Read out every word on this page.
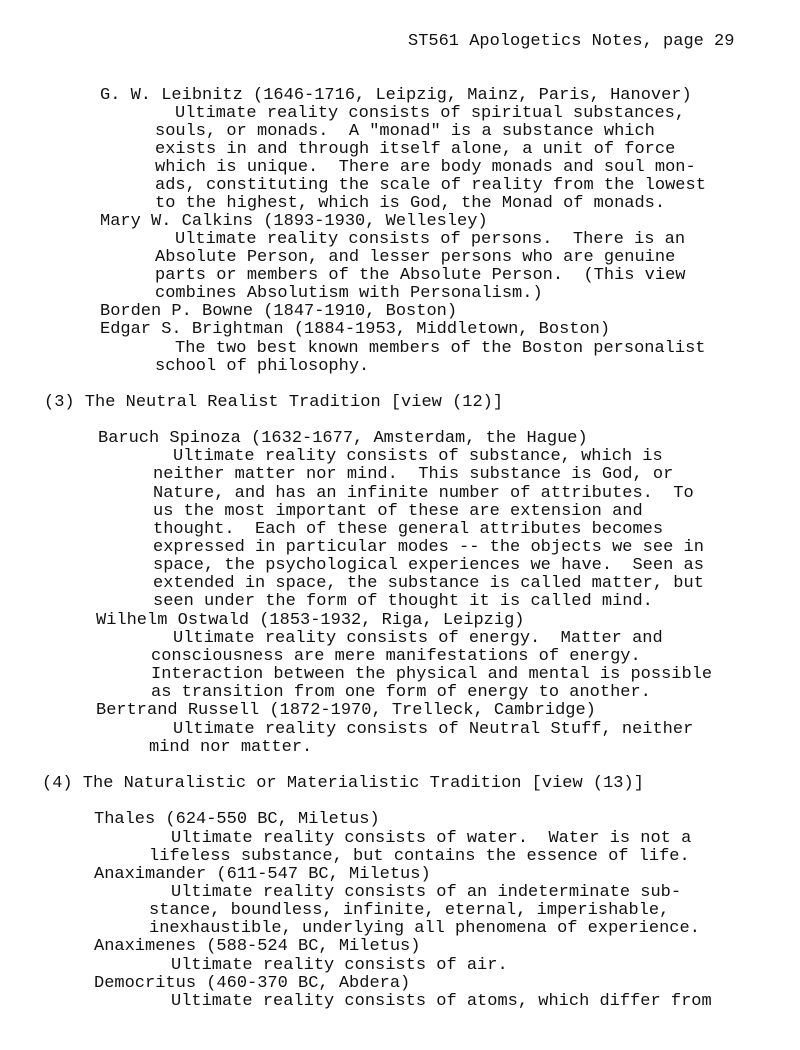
ST561 Apologetics Notes, page 29
G. W. Leibnitz (1646-1716, Leipzig, Mainz, Paris, Hanover)
Ultimate reality consists of spiritual substances,
souls, or monads.  A "monad" is a substance which
exists in and through itself alone, a unit of force
which is unique.  There are body monads and soul mon-
ads, constituting the scale of reality from the lowest
to the highest, which is God, the Monad of monads.
Mary W. Calkins (1893-1930, Wellesley)
Ultimate reality consists of persons.  There is an
Absolute Person, and lesser persons who are genuine
parts or members of the Absolute Person.  (This view
combines Absolutism with Personalism.)
Borden P. Bowne (1847-1910, Boston)
Edgar S. Brightman (1884-1953, Middletown, Boston)
The two best known members of the Boston personalist
school of philosophy.
(3) The Neutral Realist Tradition [view (12)]
Baruch Spinoza (1632-1677, Amsterdam, the Hague)
Ultimate reality consists of substance, which is
neither matter nor mind.  This substance is God, or
Nature, and has an infinite number of attributes.  To
us the most important of these are extension and
thought.  Each of these general attributes becomes
expressed in particular modes -- the objects we see in
space, the psychological experiences we have.  Seen as
extended in space, the substance is called matter, but
seen under the form of thought it is called mind.
Wilhelm Ostwald (1853-1932, Riga, Leipzig)
Ultimate reality consists of energy.  Matter and
consciousness are mere manifestations of energy.
Interaction between the physical and mental is possible
as transition from one form of energy to another.
Bertrand Russell (1872-1970, Trelleck, Cambridge)
Ultimate reality consists of Neutral Stuff, neither
mind nor matter.
(4) The Naturalistic or Materialistic Tradition [view (13)]
Thales (624-550 BC, Miletus)
Ultimate reality consists of water.  Water is not a
lifeless substance, but contains the essence of life.
Anaximander (611-547 BC, Miletus)
Ultimate reality consists of an indeterminate sub-
stance, boundless, infinite, eternal, imperishable,
inexhaustible, underlying all phenomena of experience.
Anaximenes (588-524 BC, Miletus)
Ultimate reality consists of air.
Democritus (460-370 BC, Abdera)
Ultimate reality consists of atoms, which differ from
